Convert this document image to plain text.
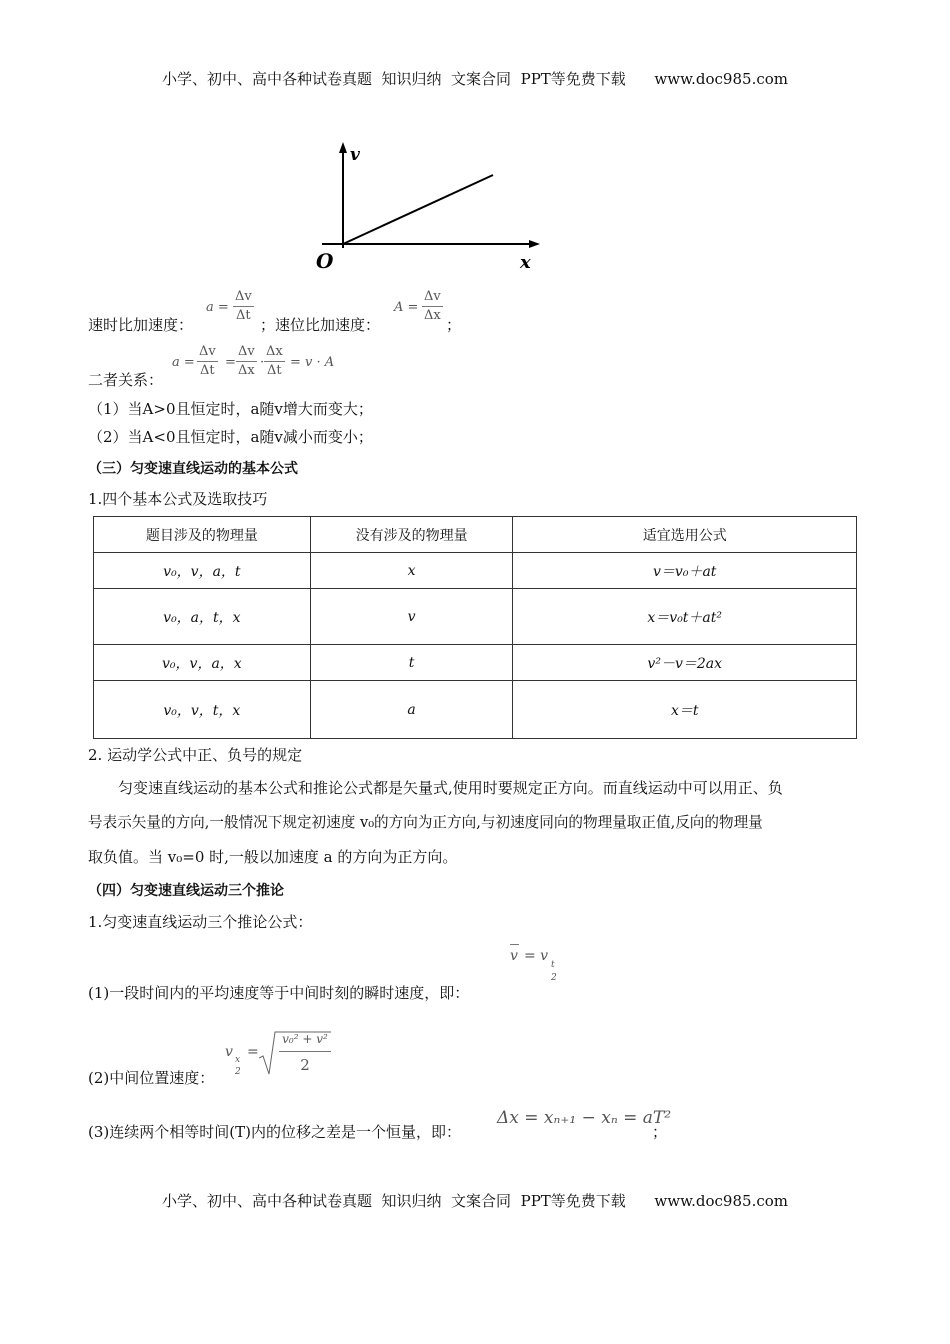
小学、初中、高中各种试卷真题  知识归纳  文案合同  PPT等免费下载      www.doc985.com
v
O	x
速时比加速度：
$a = \frac{\Delta v}{\Delta t}$ ；速位比加速度：
$A = \frac{\Delta v}{\Delta x}$ ；
二者关系：
$a = \frac{\Delta v}{\Delta t} = \frac{\Delta v}{\Delta x} \cdot \frac{\Delta x}{\Delta t} = v \cdot A$
（1）当A>0且恒定时，a随v增大而变大；
（2）当A<0且恒定时，a随v减小而变小；
（三）匀变速直线运动的基本公式
1.四个基本公式及选取技巧
题目涉及的物理量	没有涉及的物理量	适宜选用公式
v₀，v，a，t	x	v＝v₀＋at
v₀，a，t，x	v	x＝v₀t＋at²
v₀，v，a，x	t	v²－v＝2ax
v₀，v，t，x	a	x＝t
2. 运动学公式中正、负号的规定
匀变速直线运动的基本公式和推论公式都是矢量式,使用时要规定正方向。而直线运动中可以用正、负
号表示矢量的方向,一般情况下规定初速度 v₀的方向为正方向,与初速度同向的物理量取正值,反向的物理量
取负值。当 v₀=0 时,一般以加速度 a 的方向为正方向。
（四）匀变速直线运动三个推论
1.匀变速直线运动三个推论公式：
(1)一段时间内的平均速度等于中间时刻的瞬时速度，即：
v = v
t
2
(2)中间位置速度：
v x
2
=
v₀² + v²
2
(3)连续两个相等时间(T)内的位移之差是一个恒量，即：
Δx = xₙ₊₁ − xₙ = aT²
；
小学、初中、高中各种试卷真题  知识归纳  文案合同  PPT等免费下载      www.doc985.com
